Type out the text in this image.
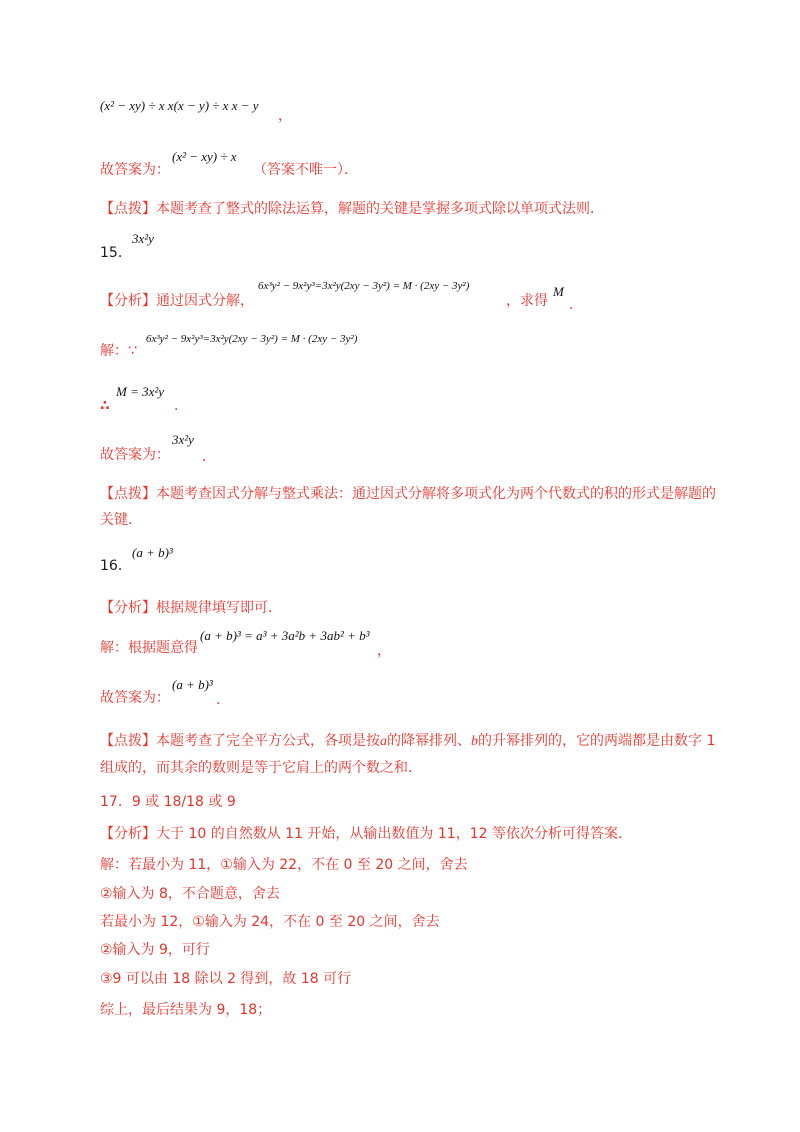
(x² − xy) ÷ x x(x − y) ÷ x x − y
，
故答案为：
(x² − xy) ÷ x
（答案不唯一）．
【点拨】本题考查了整式的除法运算，解题的关键是掌握多项式除以单项式法则．
3x²y
15．
【分析】通过因式分解，
6x³y² − 9x²y³=3x²y(2xy − 3y²) = M · (2xy − 3y²)
，求得
M
．
解：∵
6x³y² − 9x²y³=3x²y(2xy − 3y²) = M · (2xy − 3y²)
∴
M = 3x²y
．
故答案为：
3x²y
．
【点拨】本题考查因式分解与整式乘法：通过因式分解将多项式化为两个代数式的积的形式是解题的
关键．
(a + b)³
16．
【分析】根据规律填写即可．
解：根据题意得
(a + b)³ = a³ + 3a²b + 3ab² + b³
，
故答案为：
(a + b)³
．
【点拨】本题考查了完全平方公式，各项是按a的降幂排列、b的升幂排列的，它的两端都是由数字 1
组成的，而其余的数则是等于它肩上的两个数之和．
17．9 或 18/18 或 9
【分析】大于 10 的自然数从 11 开始，从输出数值为 11，12 等依次分析可得答案．
解：若最小为 11，①输入为 22，不在 0 至 20 之间，舍去
②输入为 8，不合题意，舍去
若最小为 12，①输入为 24，不在 0 至 20 之间，舍去
②输入为 9，可行
③9 可以由 18 除以 2 得到，故 18 可行
综上，最后结果为 9，18；
